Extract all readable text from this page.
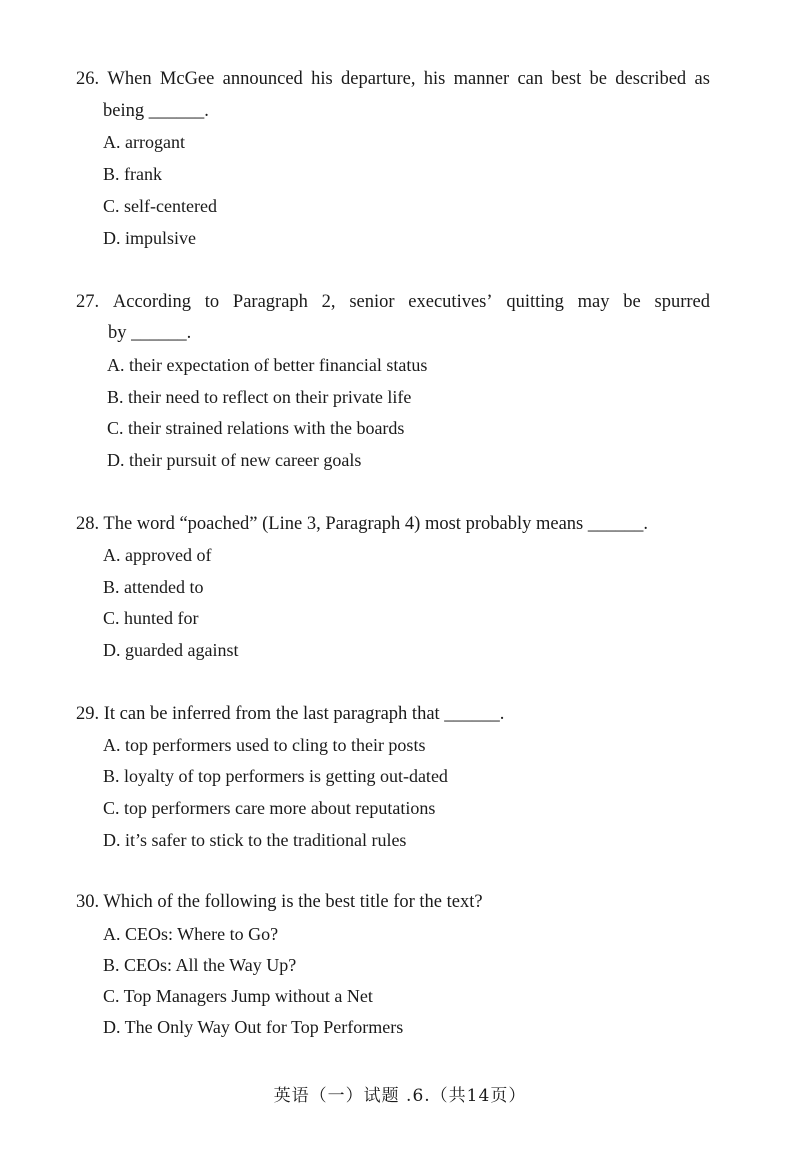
26. When McGee announced his departure, his manner can best be described as
being ______.
A. arrogant
B. frank
C. self-centered
D. impulsive
27. According to Paragraph 2, senior executives’ quitting may be spurred
by ______.
A. their expectation of better financial status
B. their need to reflect on their private life
C. their strained relations with the boards
D. their pursuit of new career goals
28. The word “poached” (Line 3, Paragraph 4) most probably means ______.
A. approved of
B. attended to
C. hunted for
D. guarded against
29. It can be inferred from the last paragraph that ______.
A. top performers used to cling to their posts
B. loyalty of top performers is getting out-dated
C. top performers care more about reputations
D. it’s safer to stick to the traditional rules
30. Which of the following is the best title for the text?
A. CEOs: Where to Go?
B. CEOs: All the Way Up?
C. Top Managers Jump without a Net
D. The Only Way Out for Top Performers
英语（一）试题 .6.（共14页）
